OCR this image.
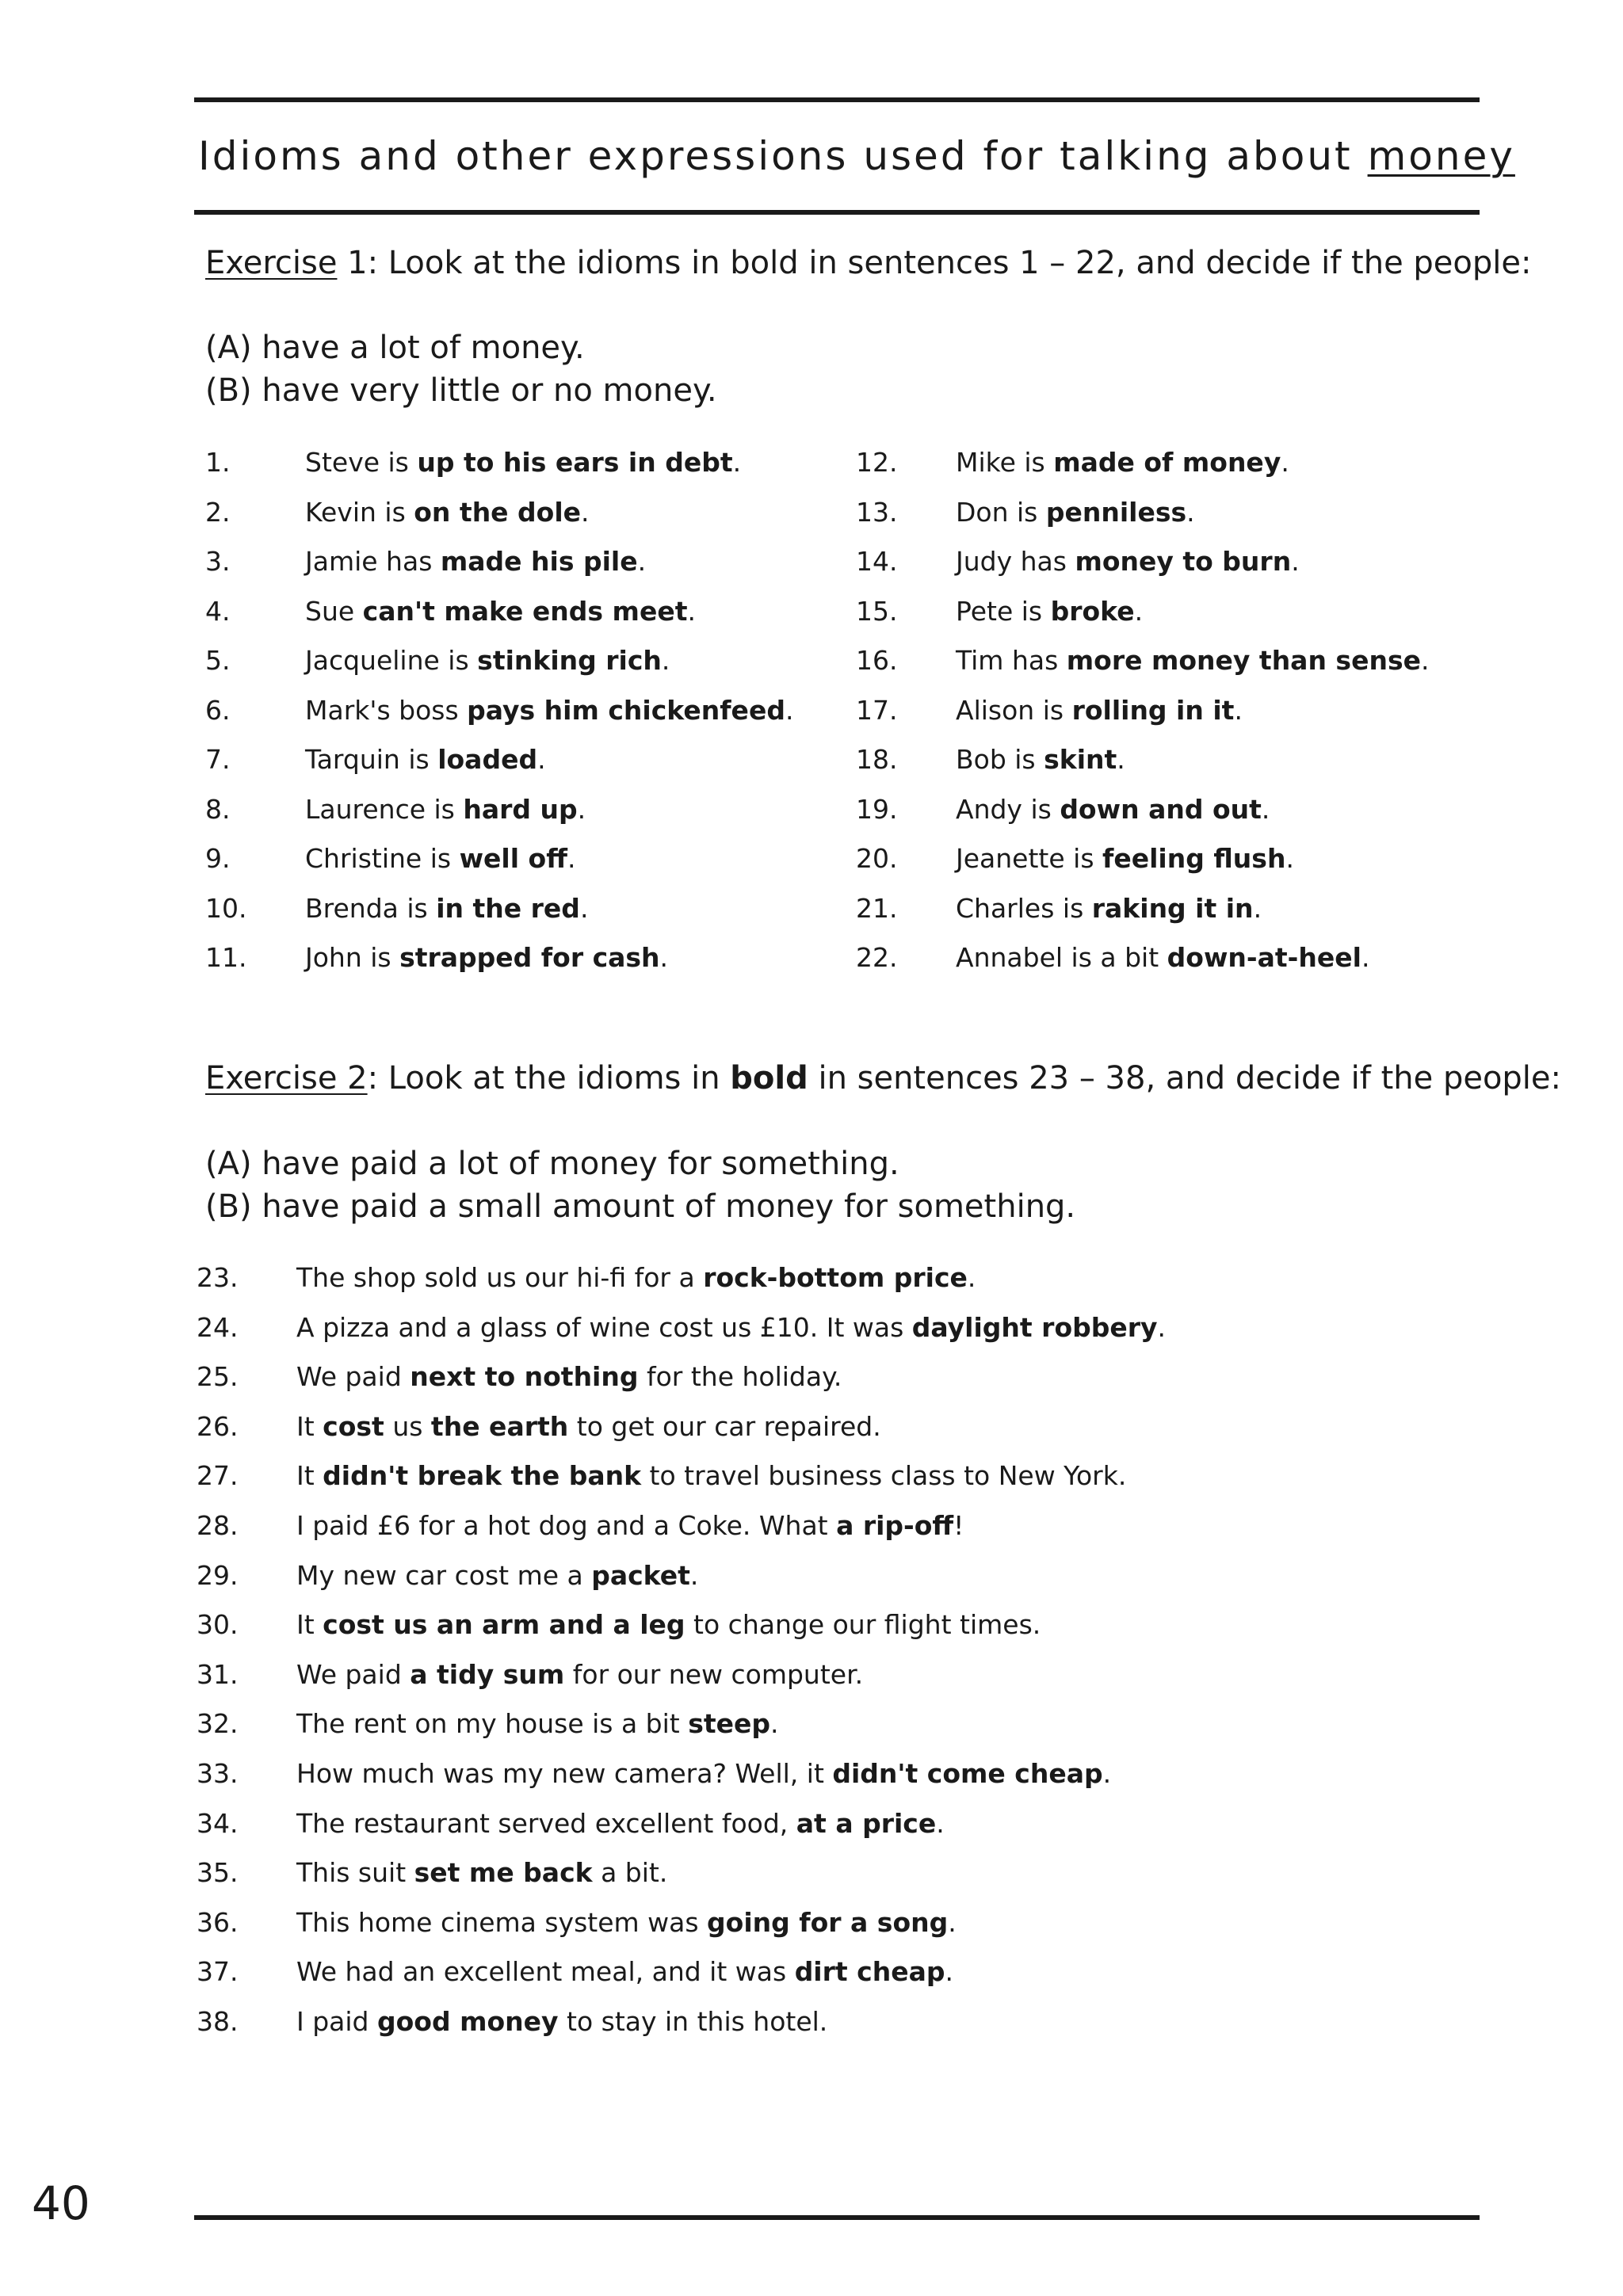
Idioms and other expressions used for talking about money

Exercise 1: Look at the idioms in bold in sentences 1 – 22, and decide if the people:

(A) have a lot of money.

(B) have very little or no money.

1.	Steve is up to his ears in debt.
2.	Kevin is on the dole.
3.	Jamie has made his pile.
4.	Sue can't make ends meet.
5.	Jacqueline is stinking rich.
6.	Mark's boss pays him chickenfeed.
7.	Tarquin is loaded.
8.	Laurence is hard up.
9.	Christine is well off.
10. Brenda is in the red.
11. John is strapped for cash.
12. Mike is made of money.
13. Don is penniless.
14. Judy has money to burn.
15. Pete is broke.
16. Tim has more money than sense.
17. Alison is rolling in it.
18. Bob is skint.
19. Andy is down and out.
20. Jeanette is feeling flush.
21. Charles is raking it in.
22. Annabel is a bit down-at-heel.

Exercise 2: Look at the idioms in bold in sentences 23 – 38, and decide if the people:

(A) have paid a lot of money for something.

(B) have paid a small amount of money for something.

23. The shop sold us our hi-fi for a rock-bottom price.
24. A pizza and a glass of wine cost us £10. It was daylight robbery.
25. We paid next to nothing for the holiday.
26. It cost us the earth to get our car repaired.
27. It didn't break the bank to travel business class to New York.
28. I paid £6 for a hot dog and a Coke. What a rip-off!
29. My new car cost me a packet.
30. It cost us an arm and a leg to change our flight times.
31. We paid a tidy sum for our new computer.
32. The rent on my house is a bit steep.
33. How much was my new camera? Well, it didn't come cheap.
34. The restaurant served excellent food, at a price.
35. This suit set me back a bit.
36. This home cinema system was going for a song.
37. We had an excellent meal, and it was dirt cheap.
38. I paid good money to stay in this hotel.
40
